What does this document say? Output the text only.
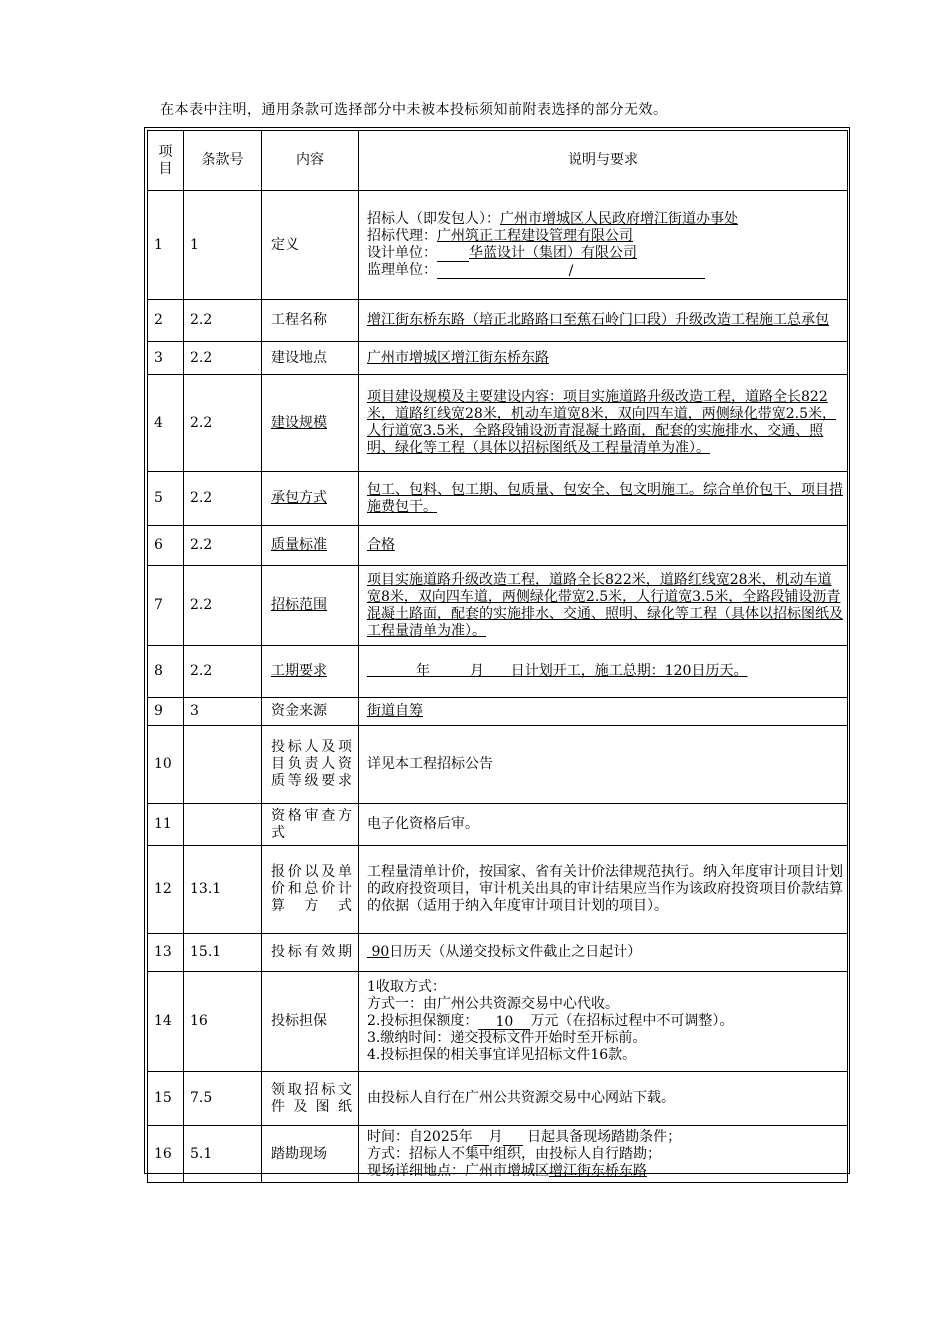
在本表中注明，通用条款可选择部分中未被本投标须知前附表选择的部分无效。
项目	条款号	内容	说明与要求
1	1	定义	招标人（即发包人）：广州市增城区人民政府增江街道办事处
招标代理：广州筑正工程建设管理有限公司
设计单位： 华蓝设计（集团）有限公司
监理单位： /

2	2.2	工程名称	增江街东桥东路（培正北路路口至蕉石岭门口段）升级改造工程施工总承包
3	2.2	建设地点	广州市增城区增江街东桥东路
4	2.2	建设规模	项目建设规模及主要建设内容：项目实施道路升级改造工程，道路全长822米，道路红线宽28米，机动车道宽8米，双向四车道，两侧绿化带宽2.5米，人行道宽3.5米，全路段铺设沥青混凝土路面，配套的实施排水、交通、照明、绿化等工程（具体以招标图纸及工程量清单为准）。
5	2.2	承包方式	包工、包料、包工期、包质量、包安全、包文明施工。综合单价包干、项目措施费包干。
6	2.2	质量标准	合格
7	2.2	招标范围	项目实施道路升级改造工程，道路全长822米，道路红线宽28米，机动车道宽8米，双向四车道，两侧绿化带宽2.5米，人行道宽3.5米，全路段铺设沥青混凝土路面，配套的实施排水、交通、照明、绿化等工程（具体以招标图纸及工程量清单为准）。
8	2.2	工期要求	年 月 日计划开工，施工总期：120日历天。
9	3	资金来源	街道自筹
10		投标人及项目负责人资质等级要求	详见本工程招标公告
11		资格审查方式	电子化资格后审。
12	13.1	报价以及单价和总价计算方式	工程量清单计价，按国家、省有关计价法律规范执行。纳入年度审计项目计划的政府投资项目，审计机关出具的审计结果应当作为该政府投资项目价款结算的依据（适用于纳入年度审计项目计划的项目）。
13	15.1	投标有效期	90日历天（从递交投标文件截止之日起计）
14	16	投标担保	1收取方式：
方式一：由广州公共资源交易中心代收。
2.投标担保额度： 10 万元（在招标过程中不可调整）。
3.缴纳时间：递交投标文件开始时至开标前。
4.投标担保的相关事宜详见招标文件16款。

15	7.5	领取招标文件及图纸	由投标人自行在广州公共资源交易中心网站下载。
16	5.1	踏勘现场	时间：自2025年 月 日起具备现场踏勘条件；
方式：招标人不集中组织，由投标人自行踏勘；
现场详细地点：广州市增城区增江街东桥东路
